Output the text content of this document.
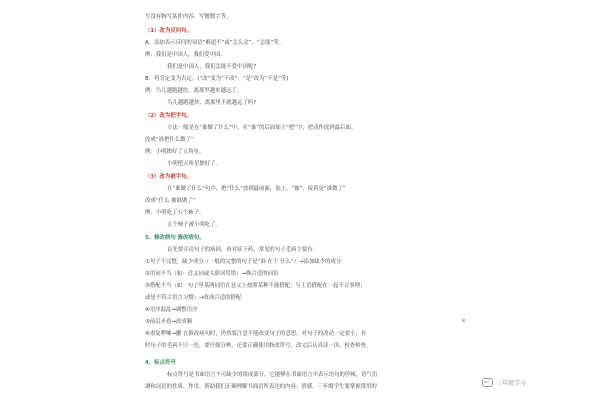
号没有胸写某件内容、写镀镀字等。
（1）改为反问句。
A．添加表示反问的词语“难道不”或“怎么会”、“怎能”等。
例：我们是中国人，我们爱中国。
我们是中国人，我们怎能不爱中国呢?
B．将肯定变为否定。(“改”变为“不改”，“是”改为“不是”等)
例：鸟儿越跑越快，离那里越来越远了。
鸟儿越跑越快，离那里不就越远了吗?
（2）改为把字句。
方法一般是在“谁做了什么”中，在“谁”的后面加上“把”字，把动作放到最后面。
改成“谁把什么做了”
例：小明擦好了五角星。
小明把五角星擦好了。
（3）改为被字句。
在“谁做了什么”句中，把“什么”放到最前面，加上，“被”，接着是“谁做了”
改成“什么 被谁做了”
例：小明吃了五个柿子。
五个柿子被小明吃了。
5、修改病句 修改病句。
首先要弄清句子的病因，再对症下药，常见的句子毛病主要有：
①句子不完整，缺少成分（一般的完整的句子是“谁 在干 什么”）→添加缺少的成分
②用词不当（如：近义词或关联词用错）→换合适的词语
③搭配不当（如：句子里某两词语在意义上按照某种不能搭配；与主语搭配在一起不合事理；
或是不符合语言习惯）→改成合适的搭配
④语序混乱→调整语序
⑤前后矛盾→改成顺
⑥重复啰嗦→删 在修改病句时，仍然要注意不能改变句子的意思。对句子的改动一定要小，有
时句子的毛病不只一处，要仔细分辨，还要正确使用修改符号，改完后认真读一读，检查检查。
4、标点符号
标点符号是书面语言不可缺少的组成部分，它能够在书面语言中表示语句的停顿，语气语
调和词语的性质、作用。帮助我们正确理解书面语所表达的内容、情感。三年级学生要掌握常用的
8
三年级学习
